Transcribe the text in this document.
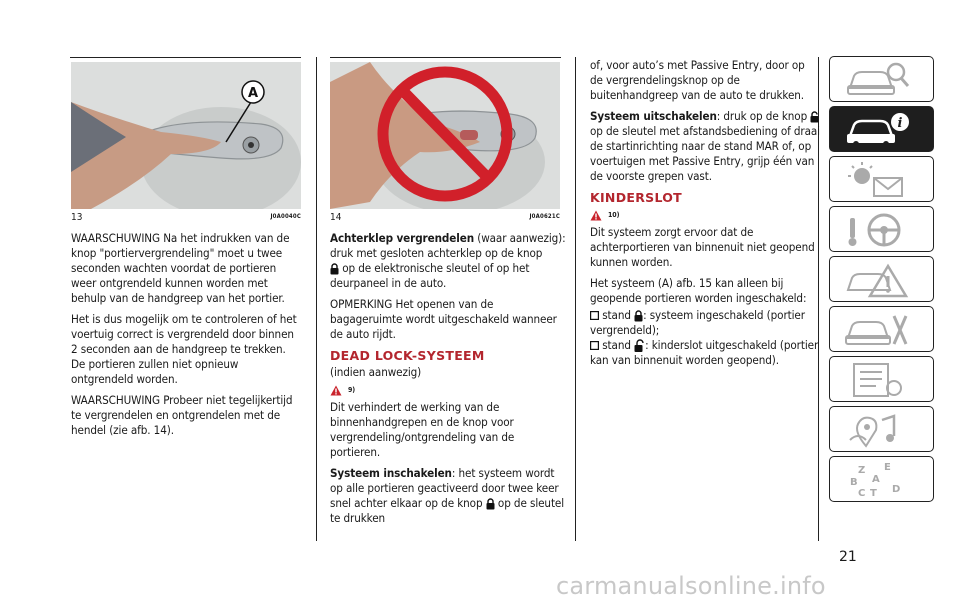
A
13	J0A0040C	14	J0A0621C

WAARSCHUWING Na het indrukken van de knop "portiervergrendeling" moet u twee seconden wachten voordat de portieren weer ontgrendeld kunnen worden met behulp van de handgreep van het portier.

Het is dus mogelijk om te controleren of het voertuig correct is vergrendeld door binnen 2 seconden aan de handgreep te trekken. De portieren zullen niet opnieuw ontgrendeld worden.

WAARSCHUWING Probeer niet tegelijkertijd te vergrendelen en ontgrendelen met de hendel (zie afb. 14).

Achterklep vergrendelen (waar aanwezig): druk met gesloten achterklep op de knop
op de elektronische sleutel of op het deurpaneel in de auto.

OPMERKING Het openen van de bagageruimte wordt uitgeschakeld wanneer de auto rijdt.

DEAD LOCK-SYSTEEM
(indien aanwezig)
9)

Dit verhindert de werking van de binnenhandgrepen en de knop voor vergrendeling/ontgrendeling van de portieren.

Systeem inschakelen: het systeem wordt op alle portieren geactiveerd door twee keer snel achter elkaar op de knop  op de sleutel te drukken

of, voor auto’s met Passive Entry, door op de vergrendelingsknop op de buitenhandgreep van de auto te drukken.

Systeem uitschakelen: druk op de knop  op de sleutel met afstandsbediening of draai de startinrichting naar de stand MAR of, op voertuigen met Passive Entry, grijp één van de voorste grepen vast.

KINDERSLOT
10)

Dit systeem zorgt ervoor dat de achterportieren van binnenuit niet geopend kunnen worden.

Het systeem (A) afb. 15 kan alleen bij geopende portieren worden ingeschakeld:

stand : systeem ingeschakeld (portier vergrendeld);
stand : kinderslot uitgeschakeld (portier kan van binnenuit worden geopend).
i
Z E
B A
C T D
21
carmanualsonline.info
